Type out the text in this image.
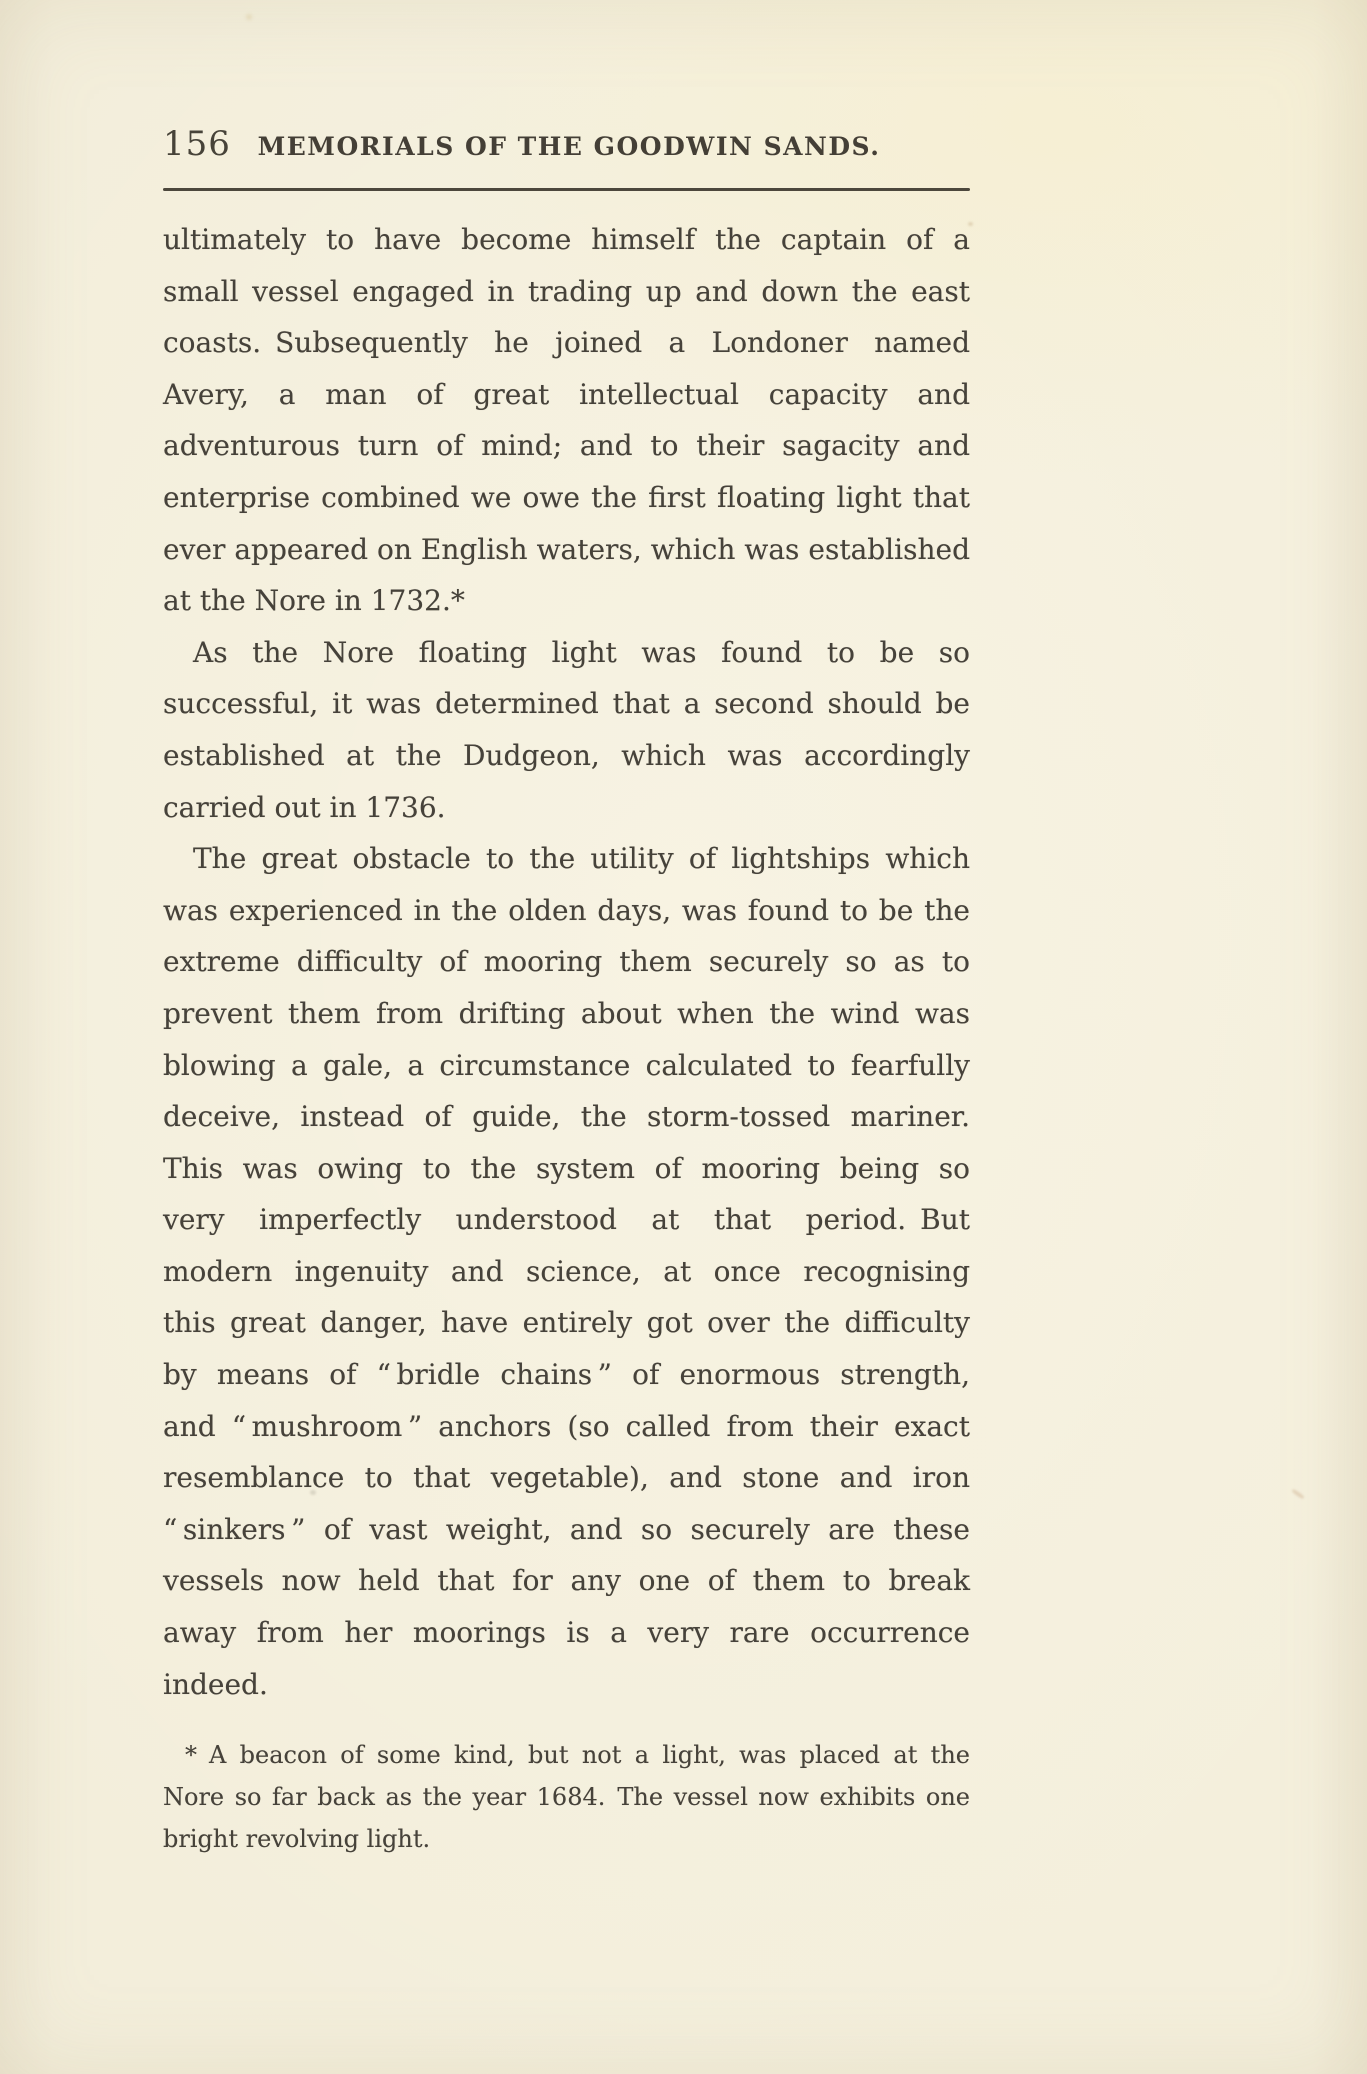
156	MEMORIALS OF THE GOODWIN SANDS.
ultimately to have become himself the captain of a
small vessel engaged in trading up and down the east
coasts. Subsequently he joined a Londoner named
Avery, a man of great intellectual capacity and
adventurous turn of mind; and to their sagacity and
enterprise combined we owe the first floating light that
ever appeared on English waters, which was established
at the Nore in 1732.*
As the Nore floating light was found to be so
successful, it was determined that a second should be
established at the Dudgeon, which was accordingly
carried out in 1736.
The great obstacle to the utility of lightships which
was experienced in the olden days, was found to be the
extreme difficulty of mooring them securely so as to
prevent them from drifting about when the wind was
blowing a gale, a circumstance calculated to fearfully
deceive, instead of guide, the storm-tossed mariner.
This was owing to the system of mooring being so
very imperfectly understood at that period. But
modern ingenuity and science, at once recognising
this great danger, have entirely got over the difficulty
by means of “ bridle chains ” of enormous strength,
and “ mushroom ” anchors (so called from their exact
resemblance to that vegetable), and stone and iron
“ sinkers ” of vast weight, and so securely are these
vessels now held that for any one of them to break
away from her moorings is a very rare occurrence
indeed.
* A beacon of some kind, but not a light, was placed at the
Nore so far back as the year 1684. The vessel now exhibits one
bright revolving light.
